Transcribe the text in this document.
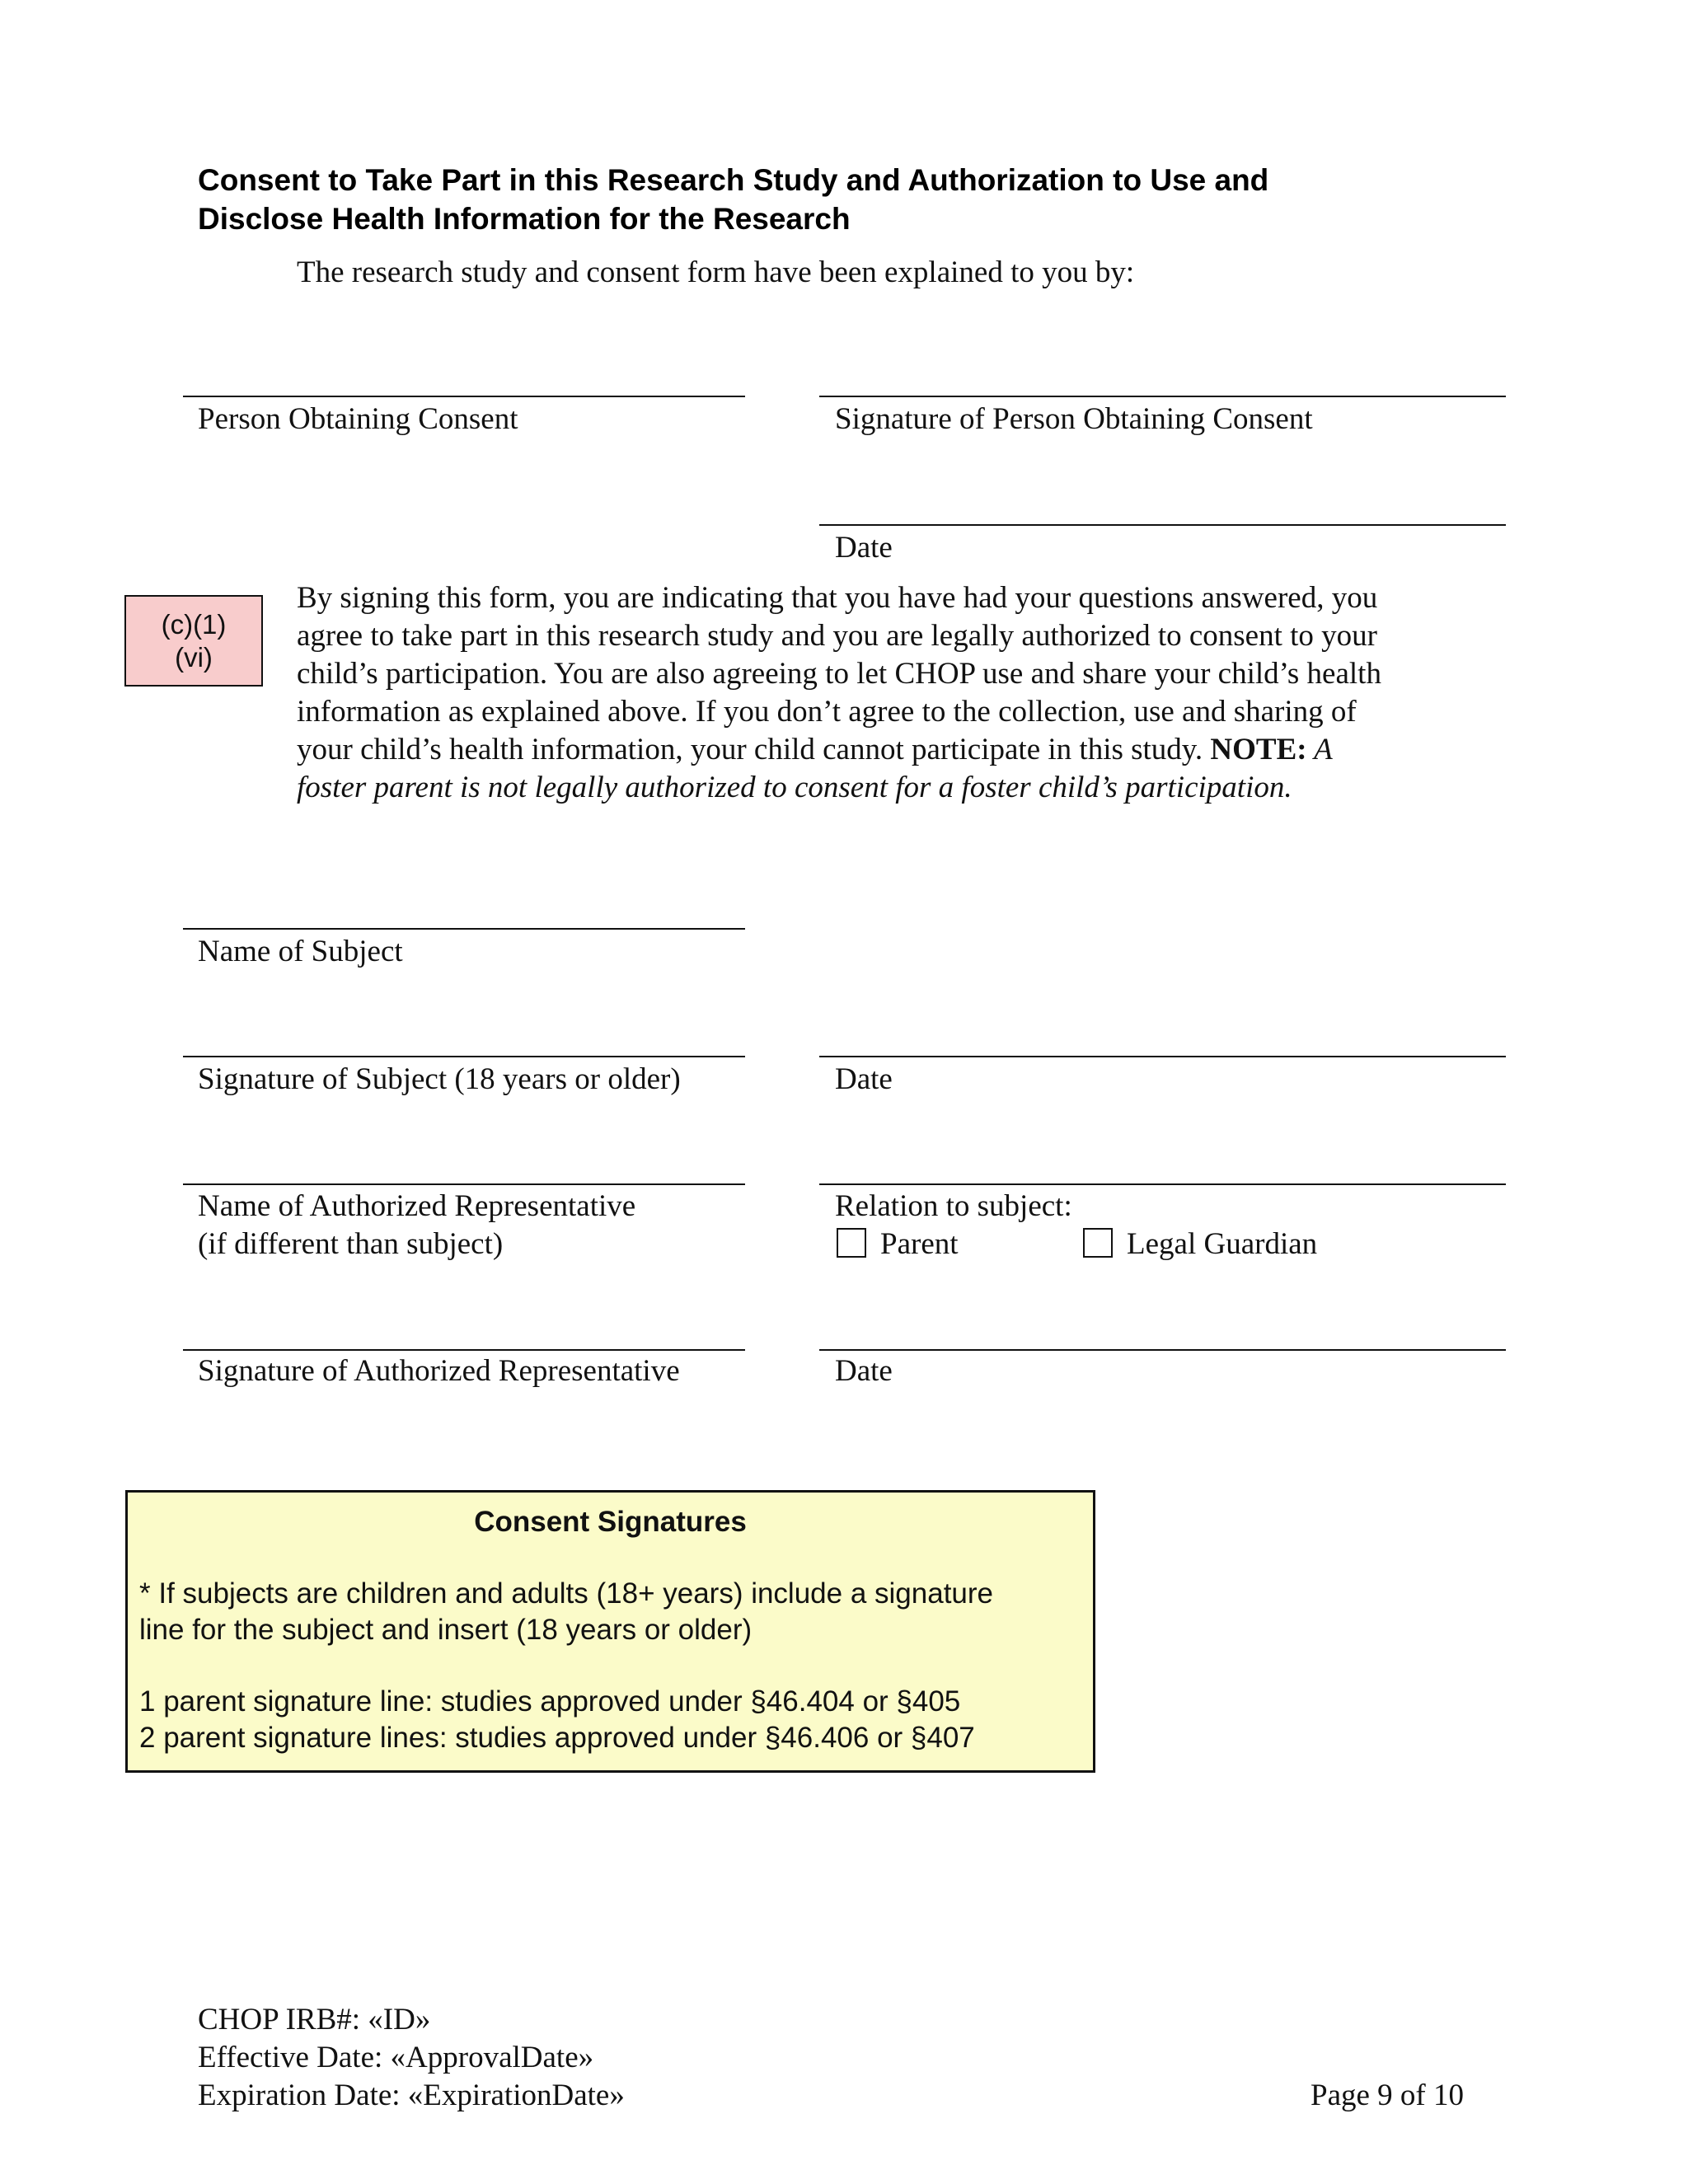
Consent to Take Part in this Research Study and Authorization to Use and
Disclose Health Information for the Research
The research study and consent form have been explained to you by:
Person Obtaining Consent	Signature of Person Obtaining Consent
Date
(c)(1)
(vi)
By signing this form, you are indicating that you have had your questions answered, you
agree to take part in this research study and you are legally authorized to consent to your
child’s participation. You are also agreeing to let CHOP use and share your child’s health
information as explained above. If you don’t agree to the collection, use and sharing of
your child’s health information, your child cannot participate in this study. NOTE: A
foster parent is not legally authorized to consent for a foster child’s participation.
Name of Subject
Signature of Subject (18 years or older)	Date
Name of Authorized Representative
(if different than subject)
Relation to subject:
Parent	Legal Guardian
Signature of Authorized Representative	Date
Consent Signatures
* If subjects are children and adults (18+ years) include a signature
line for the subject and insert (18 years or older)
1 parent signature line: studies approved under §46.404 or §405
2 parent signature lines: studies approved under §46.406 or §407
CHOP IRB#: «ID»
Effective Date: «ApprovalDate»
Expiration Date: «ExpirationDate»	Page 9 of 10
